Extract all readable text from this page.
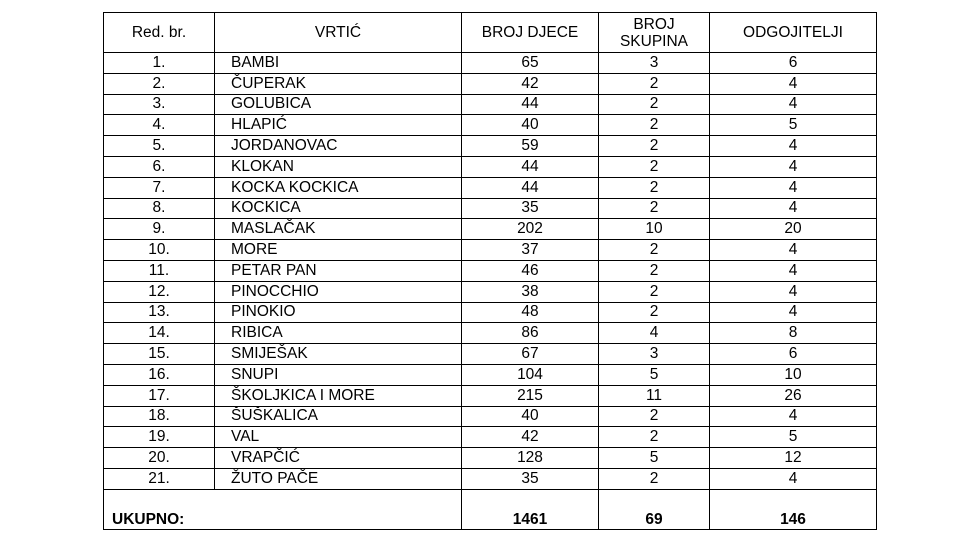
Red. br.	VRTIĆ	BROJ DJECE	BROJ SKUPINA	ODGOJITELJI
1.	BAMBI	65	3	6
2.	ČUPERAK	42	2	4
3.	GOLUBICA	44	2	4
4.	HLAPIĆ	40	2	5
5.	JORDANOVAC	59	2	4
6.	KLOKAN	44	2	4
7.	KOCKA KOCKICA	44	2	4
8.	KOCKICA	35	2	4
9.	MASLAČAK	202	10	20
10.	MORE	37	2	4
11.	PETAR PAN	46	2	4
12.	PINOCCHIO	38	2	4
13.	PINOKIO	48	2	4
14.	RIBICA	86	4	8
15.	SMIJEŠAK	67	3	6
16.	SNUPI	104	5	10
17.	ŠKOLJKICA I MORE	215	11	26
18.	ŠUŠKALICA	40	2	4
19.	VAL	42	2	5
20.	VRAPČIĆ	128	5	12
21.	ŽUTO PAČE	35	2	4
UKUPNO:		1461	69	146
